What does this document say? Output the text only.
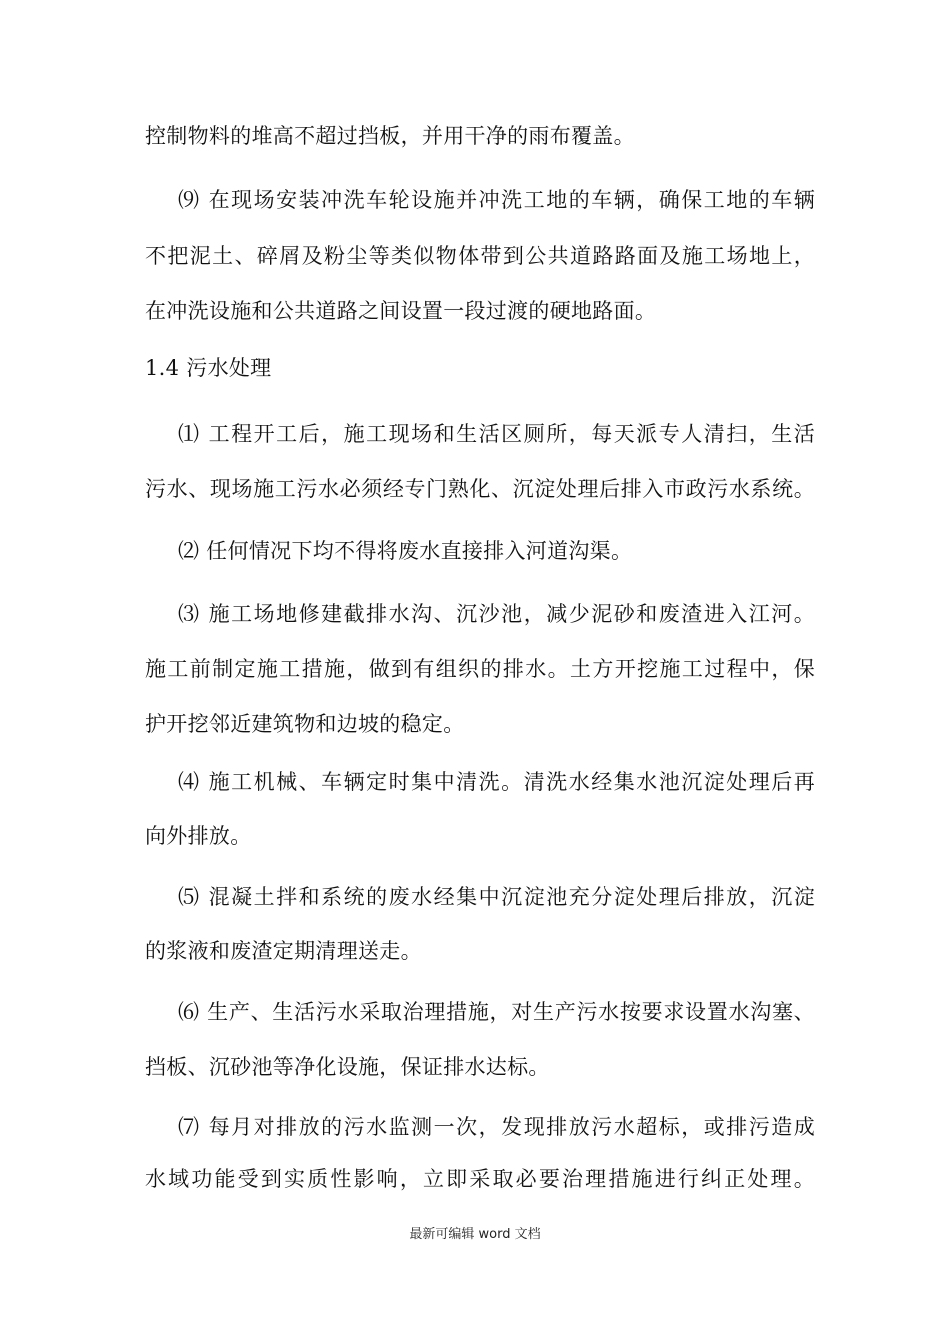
控制物料的堆高不超过挡板，并用干净的雨布覆盖。
⑼ 在现场安装冲洗车轮设施并冲洗工地的车辆，确保工地的车辆
不把泥土、碎屑及粉尘等类似物体带到公共道路路面及施工场地上，
在冲洗设施和公共道路之间设置一段过渡的硬地路面。
1.4 污水处理
⑴ 工程开工后，施工现场和生活区厕所，每天派专人清扫，生活
污水、现场施工污水必须经专门熟化、沉淀处理后排入市政污水系统。
⑵ 任何情况下均不得将废水直接排入河道沟渠。
⑶ 施工场地修建截排水沟、沉沙池，减少泥砂和废渣进入江河。
施工前制定施工措施，做到有组织的排水。土方开挖施工过程中，保
护开挖邻近建筑物和边坡的稳定。
⑷ 施工机械、车辆定时集中清洗。清洗水经集水池沉淀处理后再
向外排放。
⑸ 混凝土拌和系统的废水经集中沉淀池充分淀处理后排放，沉淀
的浆液和废渣定期清理送走。
⑹ 生产、生活污水采取治理措施，对生产污水按要求设置水沟塞、
挡板、沉砂池等净化设施，保证排水达标。
⑺ 每月对排放的污水监测一次，发现排放污水超标，或排污造成
水域功能受到实质性影响，立即采取必要治理措施进行纠正处理。
最新可编辑 word 文档
